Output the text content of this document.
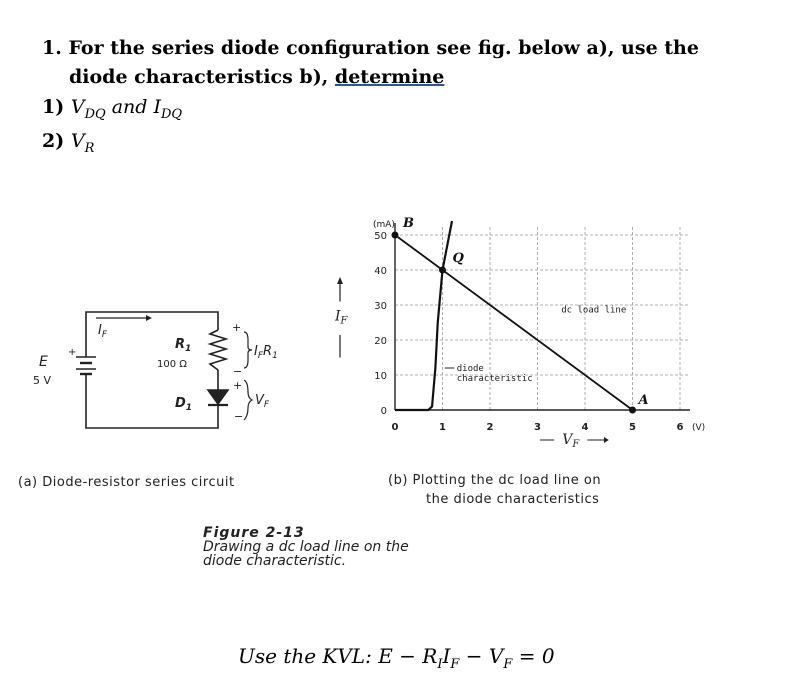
1. For the series diode configuration see fig. below a), use the
diode characteristics b), determine
1) $V_{DQ}$ and $I_{DQ}$
2) $V_R$
$I_F$
$R_1$
100 Ω
$I_FR_1$
E
5 V
$D_1$	$V_F$
+
−
+
−
+
0	1	2	3	4	5	6
0
10
20
30
40
50
(V)
(mA)
$I_F$
$V_F$
B
Q
A
dc load line
diode
characteristic
(a) Diode-resistor series circuit	(b) Plotting the dc load line on
the diode characteristics
Figure 2-13
Drawing a dc load line on the
diode characteristic.
Use the KVL: $E - R_II_F - V_F = 0$
